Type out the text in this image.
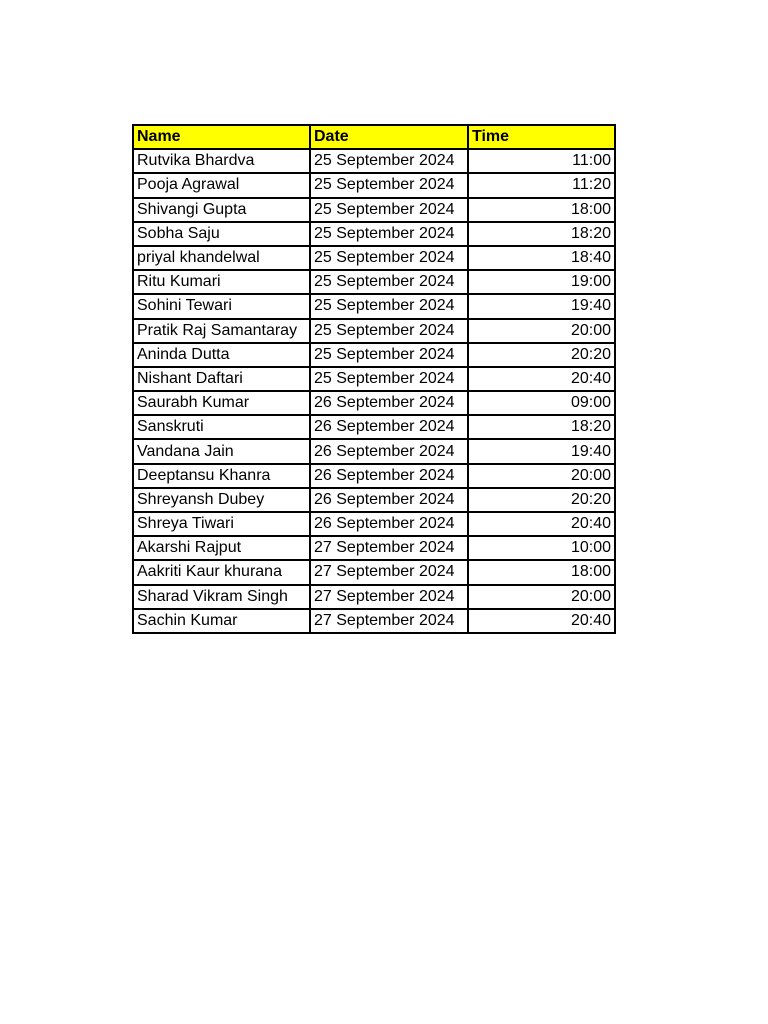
Name	Date	Time
Rutvika Bhardva	25 September 2024	11:00
Pooja Agrawal	25 September 2024	11:20
Shivangi Gupta	25 September 2024	18:00
Sobha Saju	25 September 2024	18:20
priyal khandelwal	25 September 2024	18:40
Ritu Kumari	25 September 2024	19:00
Sohini Tewari	25 September 2024	19:40
Pratik Raj Samantaray	25 September 2024	20:00
Aninda Dutta	25 September 2024	20:20
Nishant Daftari	25 September 2024	20:40
Saurabh Kumar	26 September 2024	09:00
Sanskruti	26 September 2024	18:20
Vandana Jain	26 September 2024	19:40
Deeptansu Khanra	26 September 2024	20:00
Shreyansh Dubey	26 September 2024	20:20
Shreya Tiwari	26 September 2024	20:40
Akarshi Rajput	27 September 2024	10:00
Aakriti Kaur khurana	27 September 2024	18:00
Sharad Vikram Singh	27 September 2024	20:00
Sachin Kumar	27 September 2024	20:40
